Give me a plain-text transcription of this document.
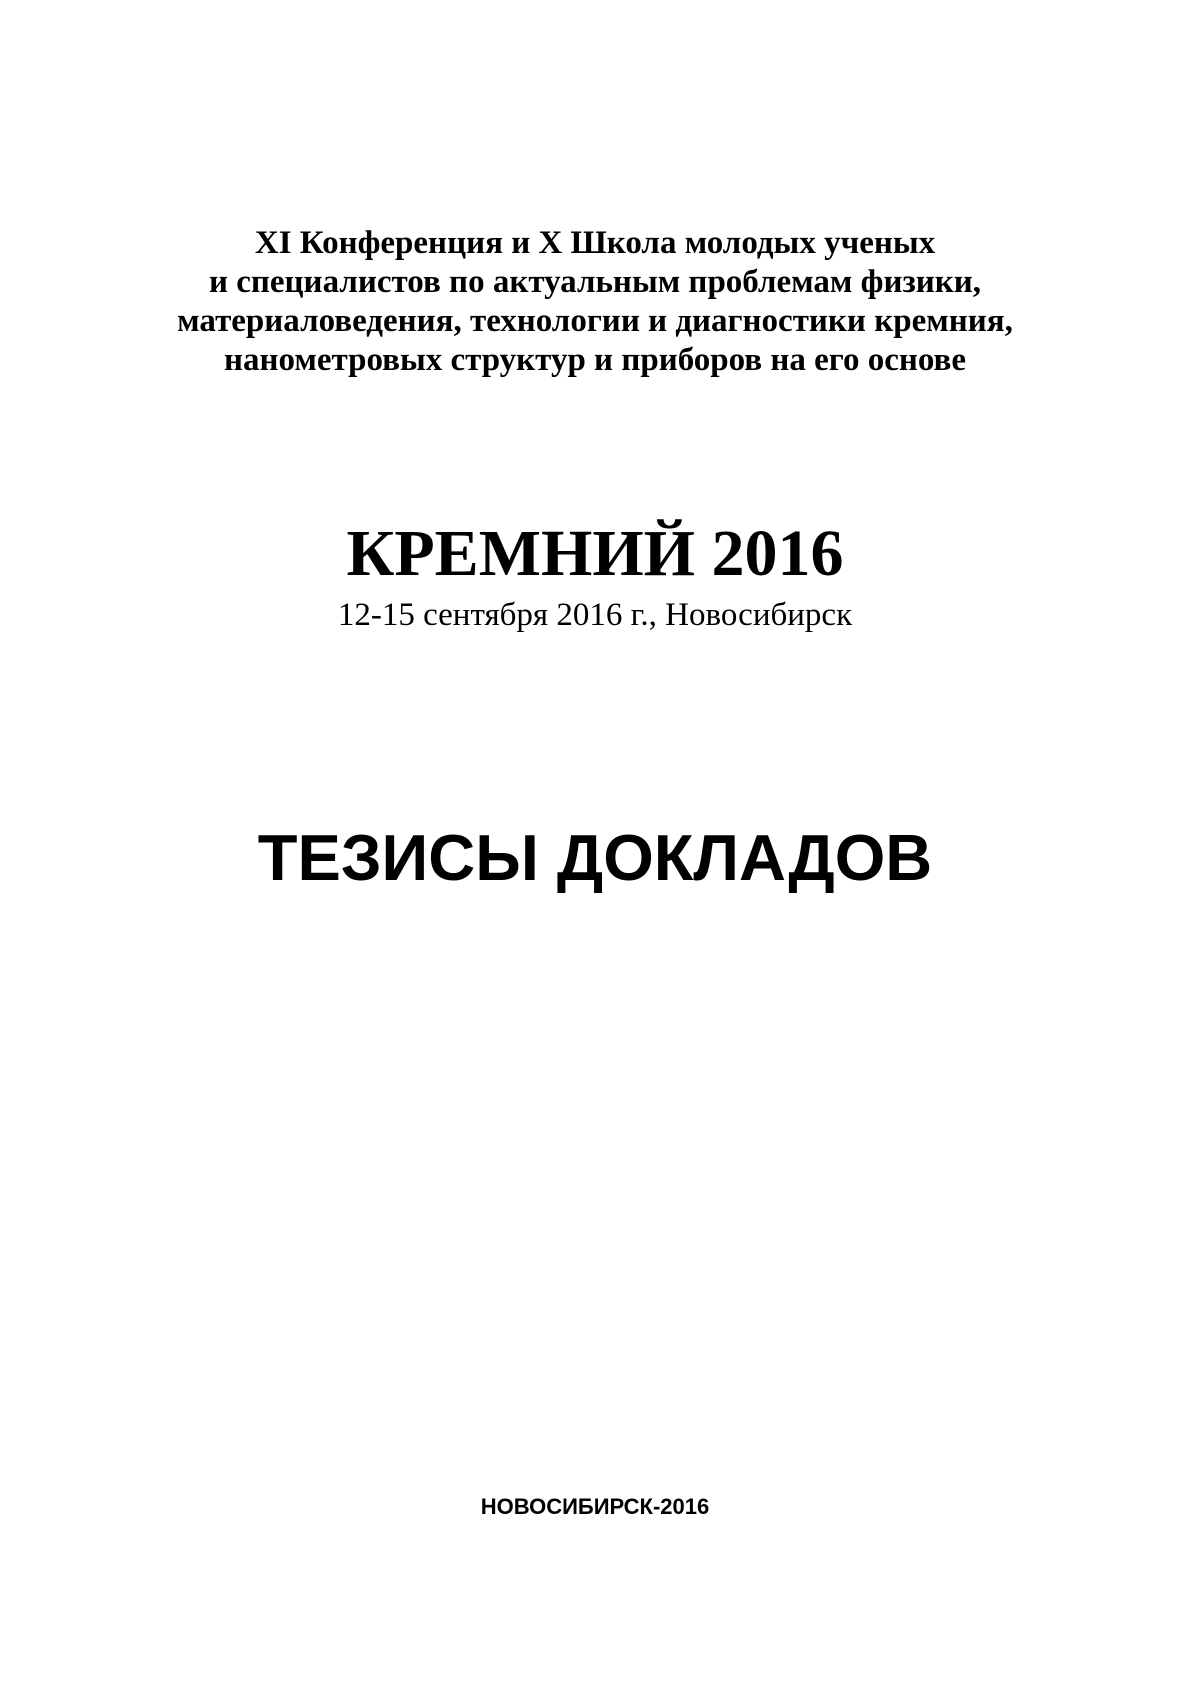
XI Конференция и X Школа молодых ученых
и специалистов по актуальным проблемам физики,
материаловедения, технологии и диагностики кремния,
нанометровых структур и приборов на его основе
КРЕМНИЙ 2016
12-15 сентября 2016 г., Новосибирск
ТЕЗИСЫ ДОКЛАДОВ
НОВОСИБИРСК-2016
